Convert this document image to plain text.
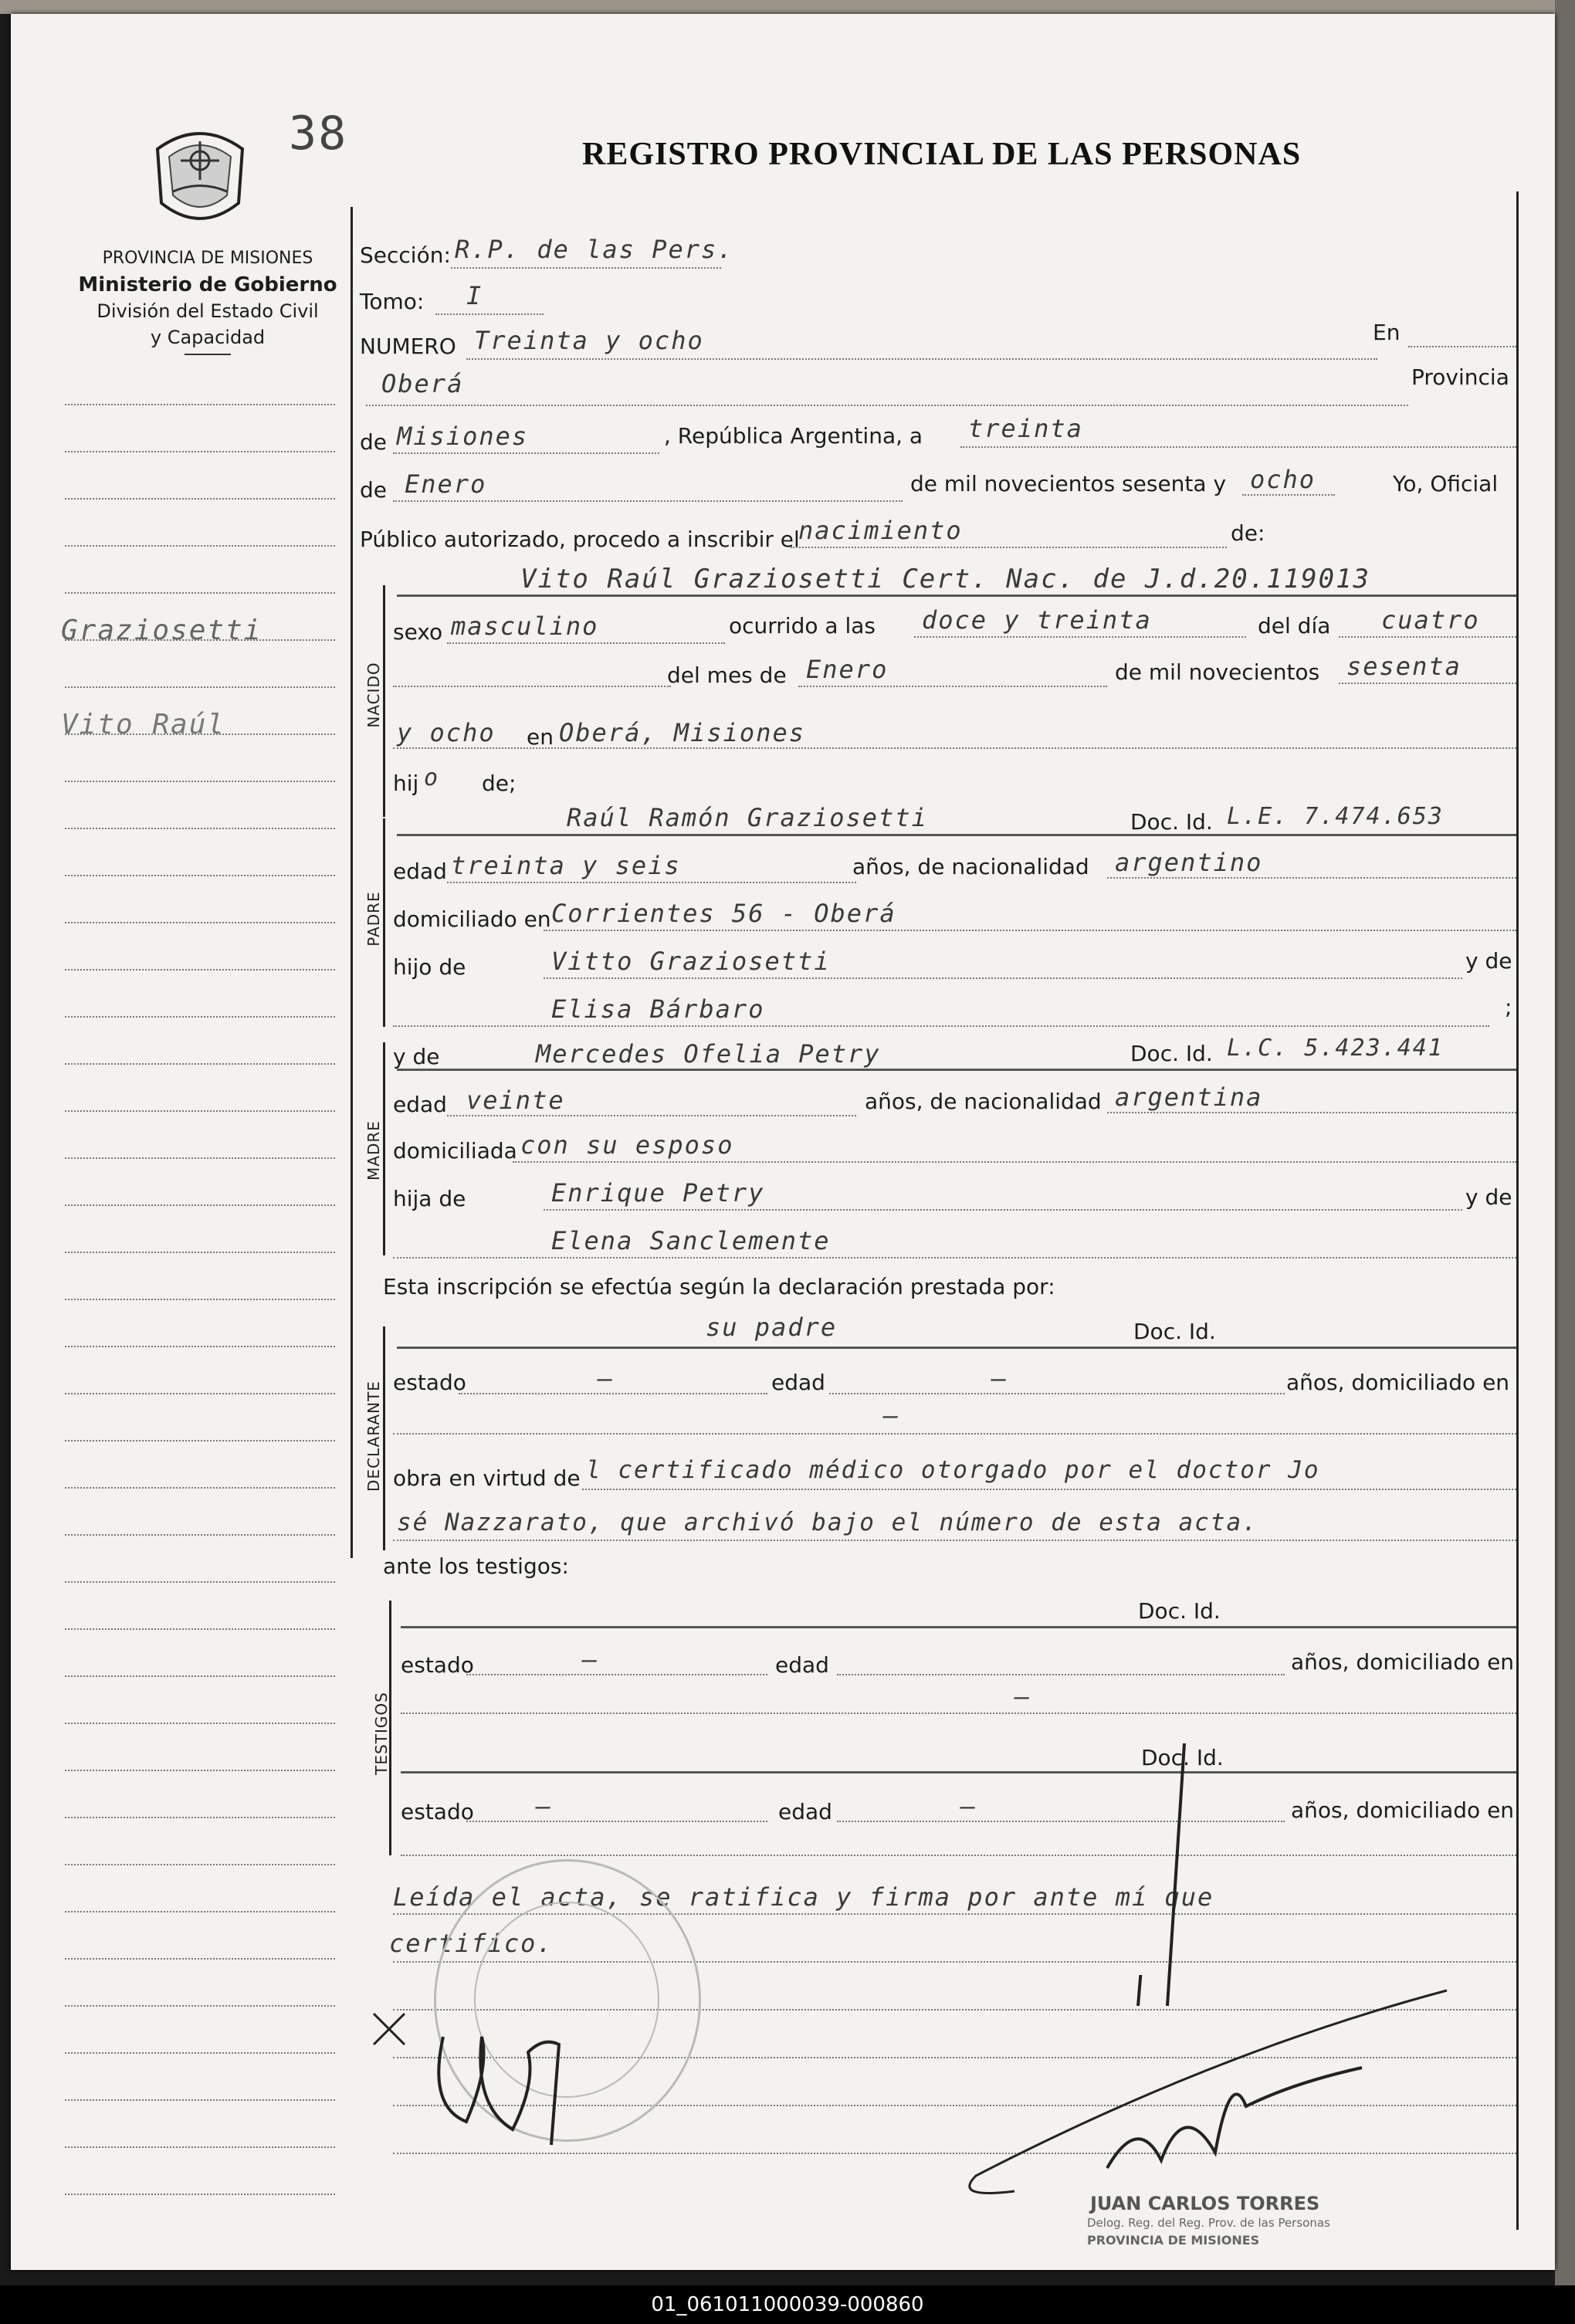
38	REGISTRO PROVINCIAL DE LAS PERSONAS
PROVINCIA DE MISIONES
Ministerio de Gobierno
División del Estado Civil
y Capacidad
Graziosetti
Vito Raúl
Sección: R.P. de las Pers.
Tomo: I
NUMERO Treinta y ocho	En
Oberá	Provincia
de Misiones	, República Argentina, a treinta
de Enero	de mil novecientos sesenta y ocho	Yo, Oficial
Público autorizado, procedo a inscribir el
nacimiento	de:
NACIDO
Vito Raúl Graziosetti Cert. Nac. de J.d.20.119013
sexo masculino	ocurrido a las doce y treinta	del día cuatro
del mes de Enero	de mil novecientos sesenta
y ocho en Oberá, Misiones
hij o de;
PADRE
Raúl Ramón Graziosetti	Doc. Id. L.E. 7.474.653
edad treinta y seis	años, de nacionalidad argentino
domiciliado en Corrientes 56 - Oberá
hijo de	Vitto Graziosetti	y de
Elisa Bárbaro	;
MADRE
y de	Mercedes Ofelia Petry	Doc. Id. L.C. 5.423.441
edad veinte	años, de nacionalidad argentina
domiciliada con su esposo
hija de	Enrique Petry	y de
Elena Sanclemente
Esta inscripción se efectúa según la declaración prestada por:
DECLARANTE
su padre	Doc. Id.
estado	—	edad	—	años, domiciliado en
—
obra en virtud de l certificado médico otorgado por el doctor Jo
sé Nazzarato, que archivó bajo el número de esta acta.
ante los testigos:
TESTIGOS
Doc. Id.
estado	—	edad	años, domiciliado en
—
Doc. Id.
estado	—	edad	—	años, domiciliado en
Leída el acta, se ratifica y firma por ante mí que
certifico.
JUAN CARLOS TORRES
Delog. Reg. del Reg. Prov. de las Personas
PROVINCIA DE MISIONES
01_061011000039-000860
